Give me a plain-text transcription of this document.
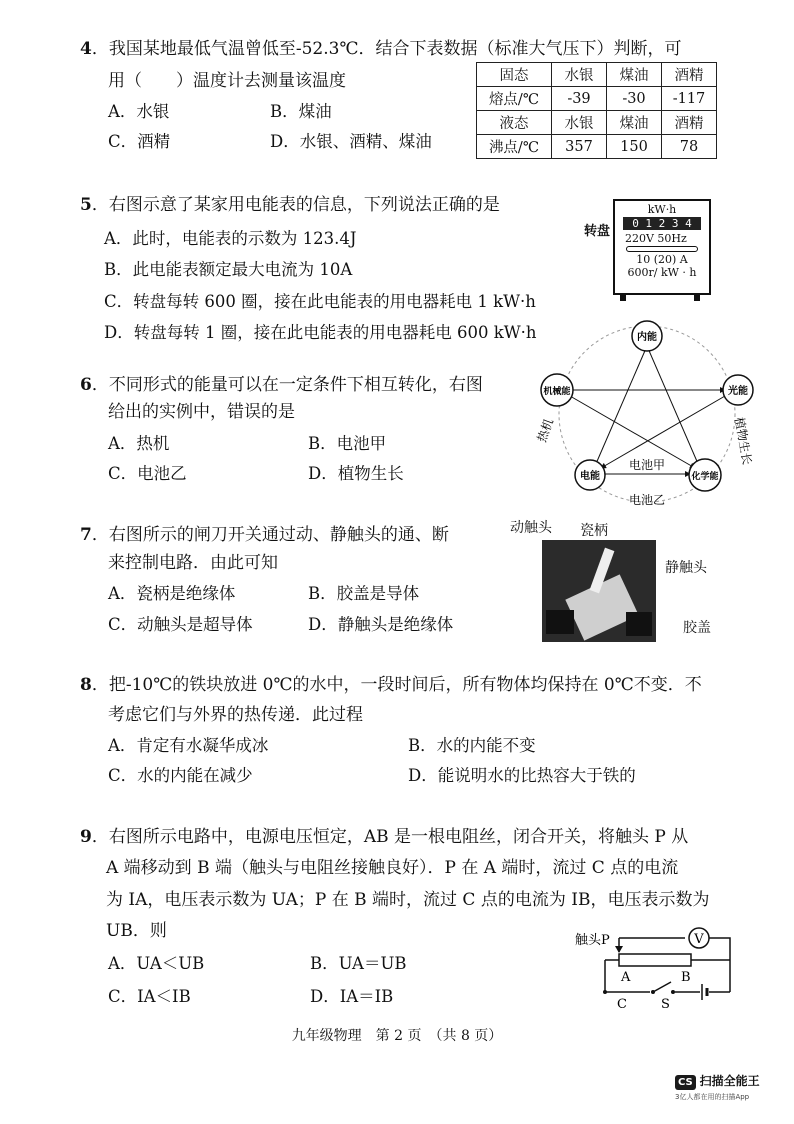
4．我国某地最低气温曾低至-52.3℃．结合下表数据（标准大气压下）判断，可
用（　　）温度计去测量该温度
A．水银	B．煤油
C．酒精	D．水银、酒精、煤油
固态	水银	煤油	酒精
熔点/℃	-39	-30	-117
液态	水银	煤油	酒精
沸点/℃	357	150	78
5．右图示意了某家用电能表的信息，下列说法正确的是
A．此时，电能表的示数为 123.4J
B．此电能表额定最大电流为 10A
C．转盘每转 600 圈，接在此电能表的用电器耗电 1 kW·h
D．转盘每转 1 圈，接在此电能表的用电器耗电 600 kW·h
转盘
kW·h
0 1 2 3 4
220V 50Hz
10 (20) A
600r/ kW · h
内能
机械能	光能
电能	化学能
热机	植物生长
电池甲
电池乙
6．不同形式的能量可以在一定条件下相互转化，右图
给出的实例中，错误的是
A．热机	B．电池甲
C．电池乙	D．植物生长
7．右图所示的闸刀开关通过动、静触头的通、断
来控制电路．由此可知
A．瓷柄是绝缘体	B．胶盖是导体
C．动触头是超导体	D．静触头是绝缘体
动触头 瓷柄
静触头
胶盖
8．把-10℃的铁块放进 0℃的水中，一段时间后，所有物体均保持在 0℃不变．不
考虑它们与外界的热传递．此过程
A．肯定有水凝华成冰	B．水的内能不变
C．水的内能在减少	D．能说明水的比热容大于铁的
9．右图所示电路中，电源电压恒定，AB 是一根电阻丝，闭合开关，将触头 P 从
A 端移动到 B 端（触头与电阻丝接触良好）．P 在 A 端时，流过 C 点的电流
为 IA，电压表示数为 UA；P 在 B 端时，流过 C 点的电流为 IB，电压表示数为
UB．则
A．UA＜UB	B．UA＝UB
C．IA＜IB	D．IA＝IB
V
触头P
A	B
C	S
九年级物理　第 2 页　（共 8 页）
CS 扫描全能王
3亿人都在用的扫描App
